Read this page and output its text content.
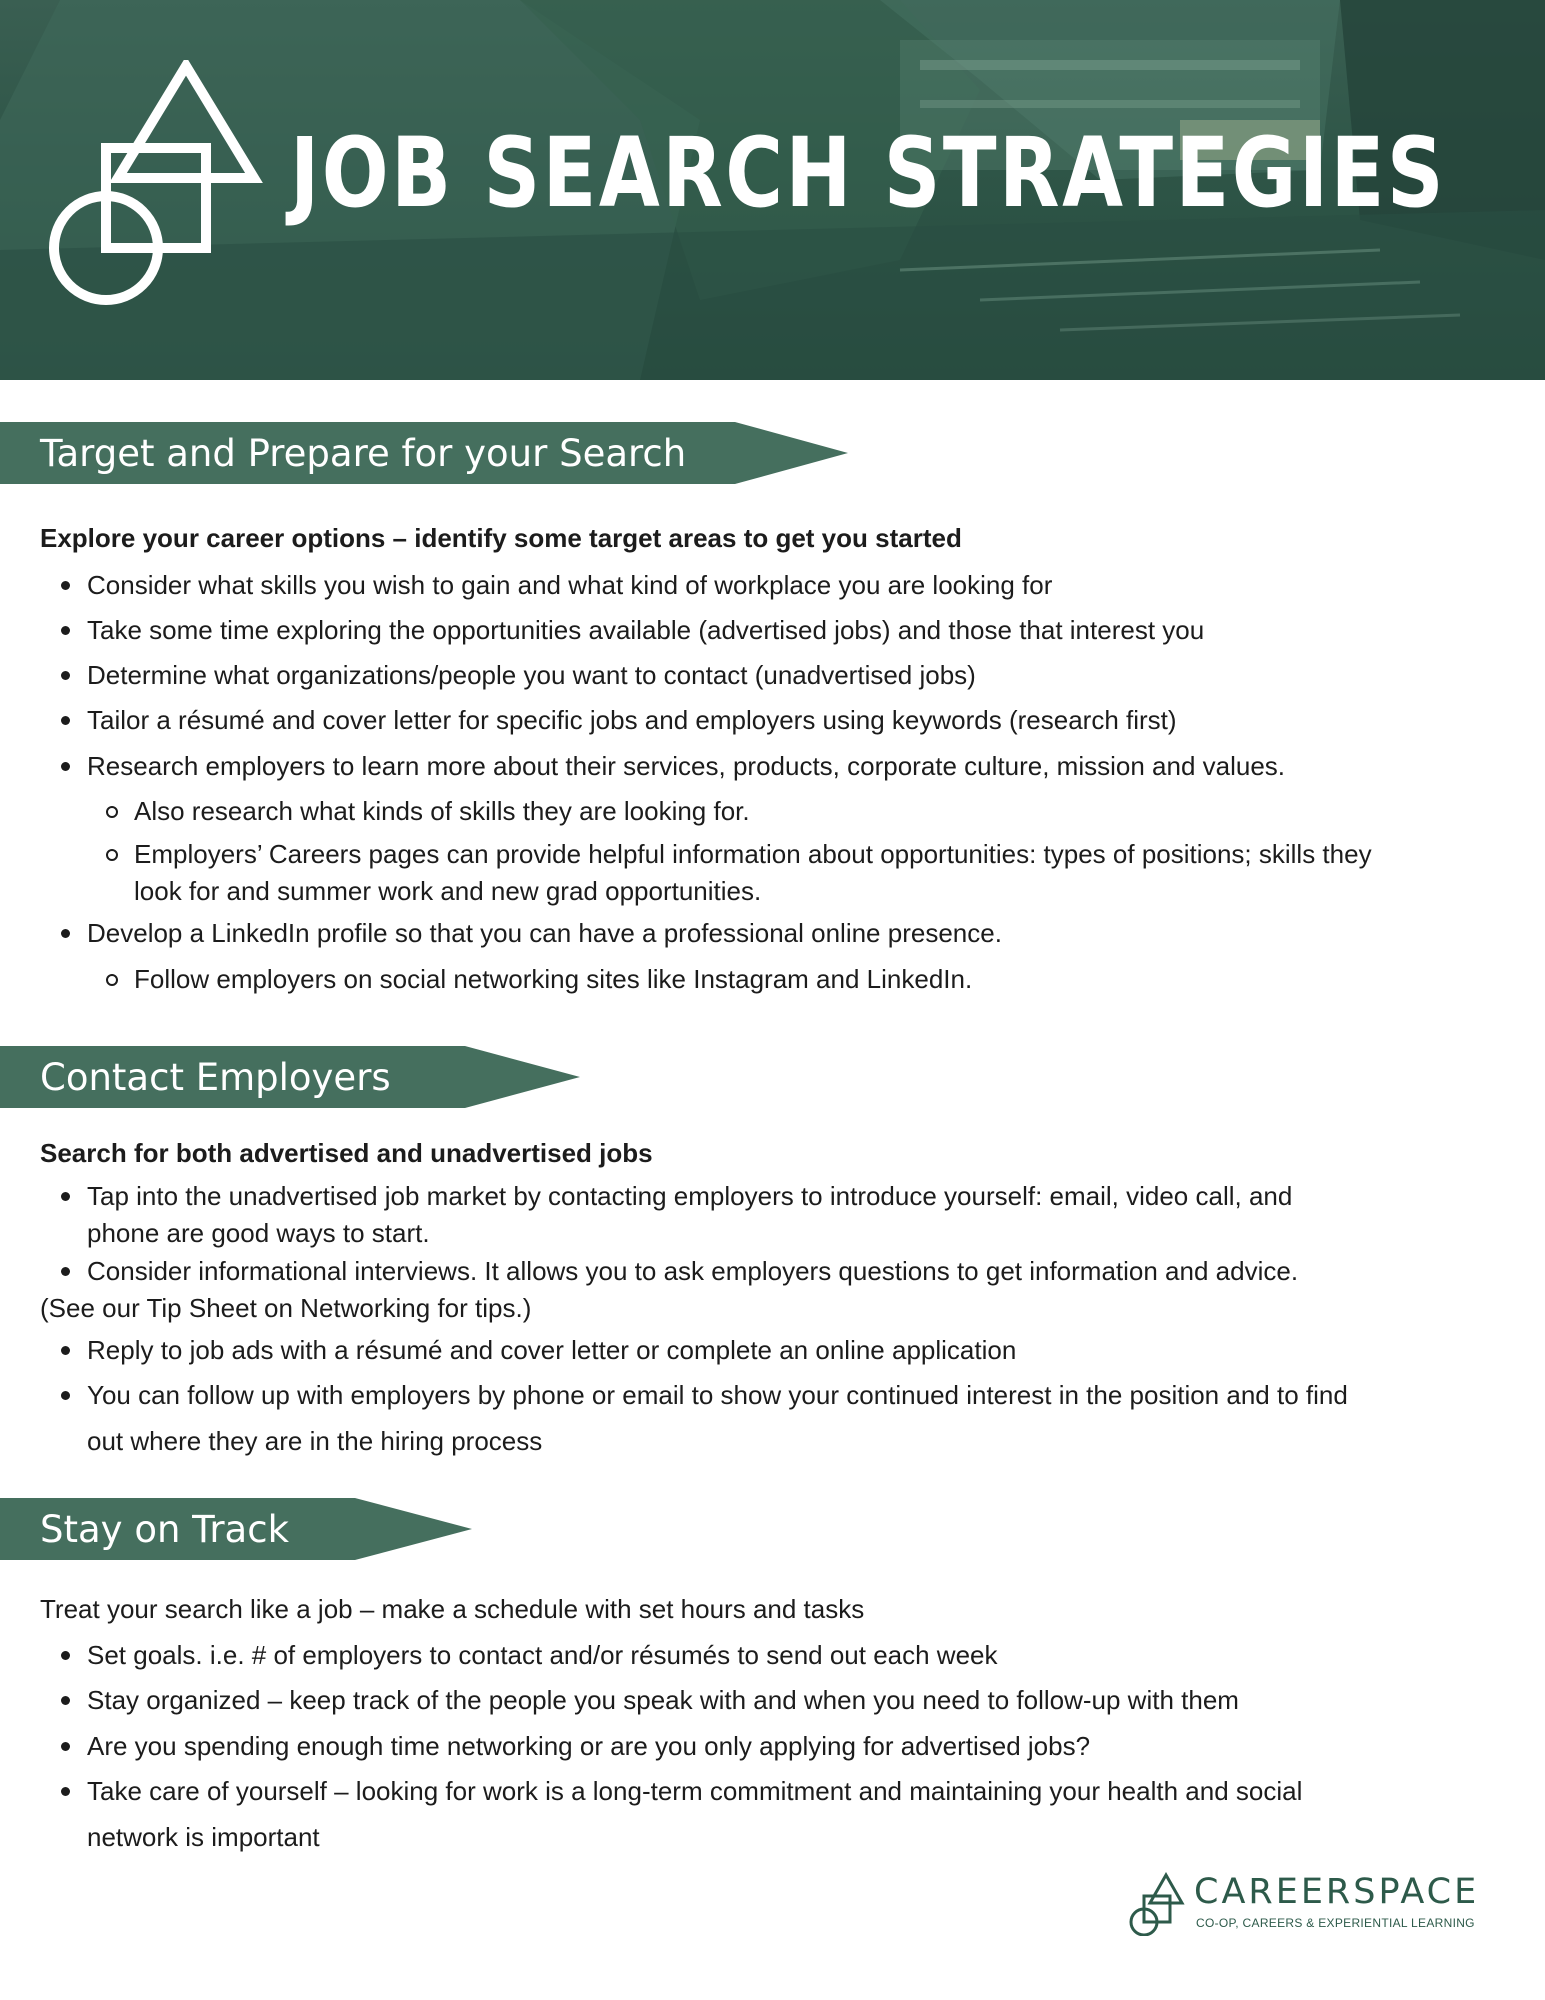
JOB SEARCH STRATEGIES
Target and Prepare for your Search
Explore your career options – identify some target areas to get you started
Consider what skills you wish to gain and what kind of workplace you are looking for
Take some time exploring the opportunities available (advertised jobs) and those that interest you
Determine what organizations/people you want to contact (unadvertised jobs)
Tailor a résumé and cover letter for specific jobs and employers using keywords (research first)
Research employers to learn more about their services, products, corporate culture, mission and values.
Also research what kinds of skills they are looking for.
Employers’ Careers pages can provide helpful information about opportunities: types of positions; skills they
look for and summer work and new grad opportunities.
Develop a LinkedIn profile so that you can have a professional online presence.
Follow employers on social networking sites like Instagram and LinkedIn.
Contact Employers
Search for both advertised and unadvertised jobs
Tap into the unadvertised job market by contacting employers to introduce yourself: email, video call, and
phone are good ways to start.
Consider informational interviews. It allows you to ask employers questions to get information and advice.
(See our Tip Sheet on Networking for tips.)
Reply to job ads with a résumé and cover letter or complete an online application
You can follow up with employers by phone or email to show your continued interest in the position and to find
out where they are in the hiring process
Stay on Track
Treat your search like a job – make a schedule with set hours and tasks
Set goals. i.e. # of employers to contact and/or résumés to send out each week
Stay organized – keep track of the people you speak with and when you need to follow-up with them
Are you spending enough time networking or are you only applying for advertised jobs?
Take care of yourself – looking for work is a long-term commitment and maintaining your health and social
network is important
CAREERSPACE
CO-OP, CAREERS & EXPERIENTIAL LEARNING
